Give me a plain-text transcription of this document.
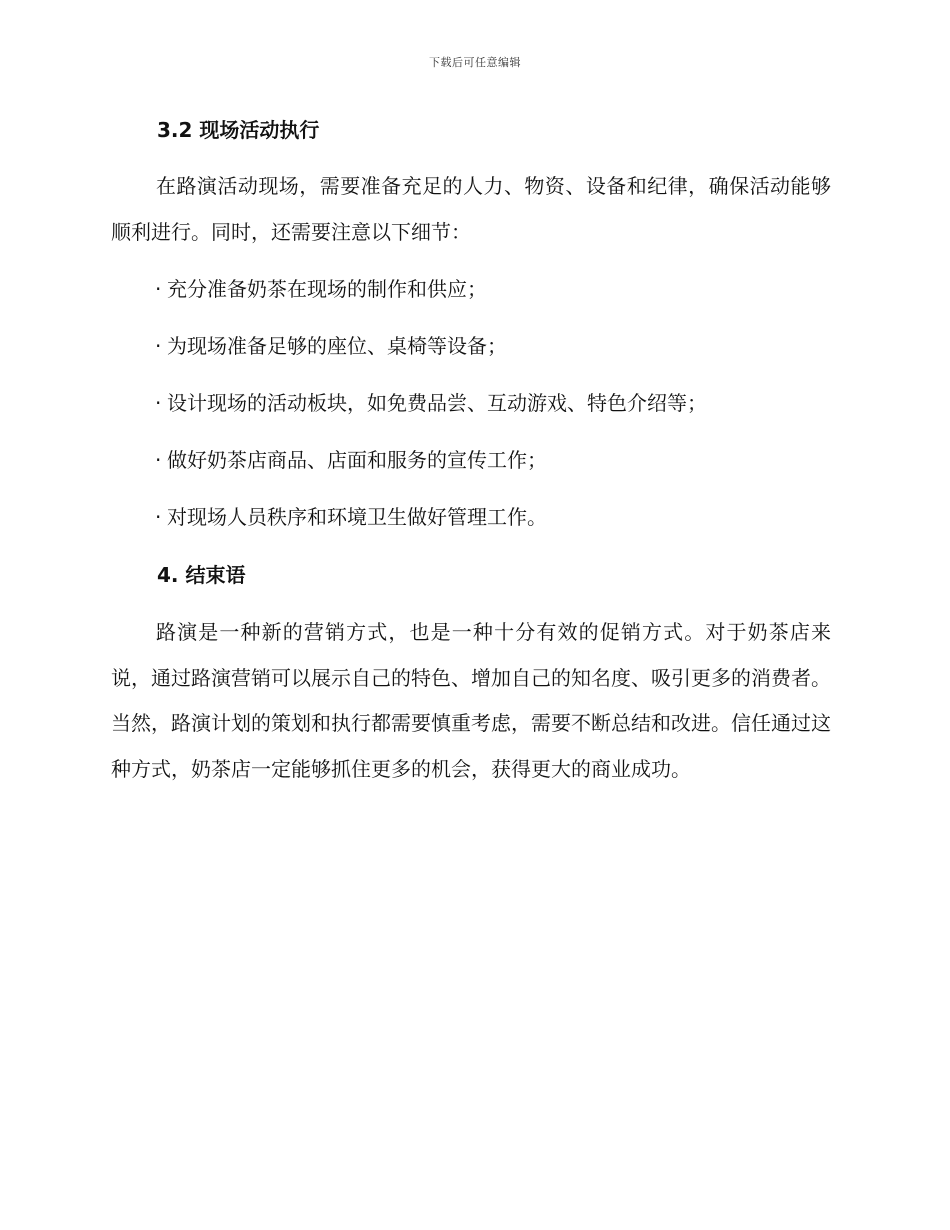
下载后可任意编辑
3.2 现场活动执行

在路演活动现场，需要准备充足的人力、物资、设备和纪律，确保活动能够顺利进行。同时，还需要注意以下细节：

· 充分准备奶茶在现场的制作和供应；
· 为现场准备足够的座位、桌椅等设备；
· 设计现场的活动板块，如免费品尝、互动游戏、特色介绍等；
· 做好奶茶店商品、店面和服务的宣传工作；
· 对现场人员秩序和环境卫生做好管理工作。
4. 结束语

路演是一种新的营销方式，也是一种十分有效的促销方式。对于奶茶店来说，通过路演营销可以展示自己的特色、增加自己的知名度、吸引更多的消费者。当然，路演计划的策划和执行都需要慎重考虑，需要不断总结和改进。信任通过这种方式，奶茶店一定能够抓住更多的机会，获得更大的商业成功。
